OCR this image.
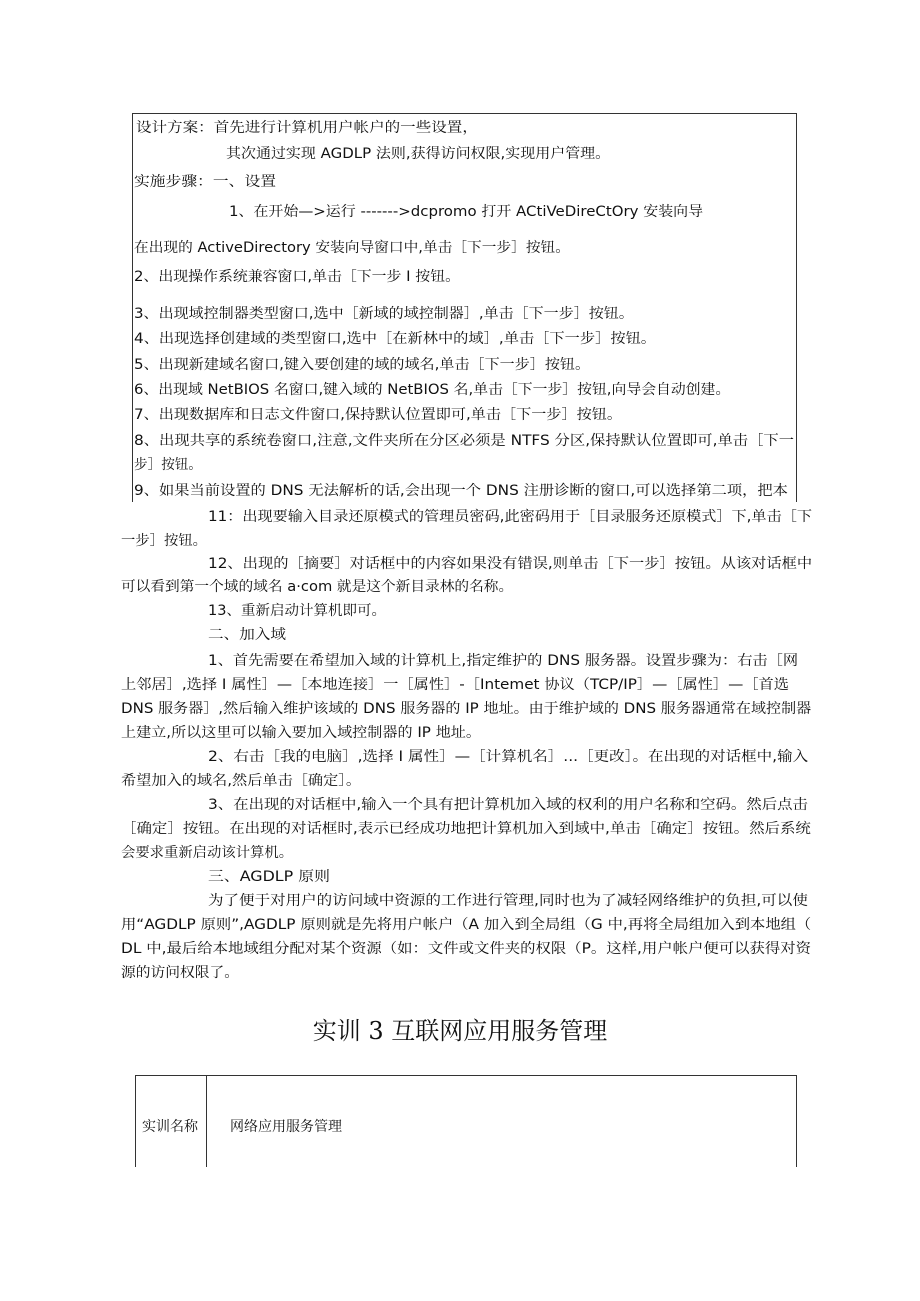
设计方案：首先进行计算机用户帐户的一些设置，
其次通过实现 AGDLP 法则,获得访问权限,实现用户管理。
实施步骤：一、设置
1、在开始—>运行 ------->dcpromo 打开 ACtiVeDireCtOry 安装向导
在出现的 ActiveDirectory 安装向导窗口中,单击［下一步］按钮。
2、出现操作系统兼容窗口,单击［下一步 I 按钮。
3、出现域控制器类型窗口,选中［新域的域控制器］,单击［下一步］按钮。
4、出现选择创建域的类型窗口,选中［在新林中的域］,单击［下一步］按钮。
5、出现新建域名窗口,键入要创建的域的域名,单击［下一步］按钮。
6、出现域 NetBIOS 名窗口,键入域的 NetBIOS 名,单击［下一步］按钮,向导会自动创建。
7、出现数据库和日志文件窗口,保持默认位置即可,单击［下一步］按钮。
8、出现共享的系统卷窗口,注意,文件夹所在分区必须是 NTFS 分区,保持默认位置即可,单击［下一
步］按钮。
9、如果当前设置的 DNS 无法解析的话,会出现一个 DNS 注册诊断的窗口,可以选择第二项，把本
11：出现要输入目录还原模式的管理员密码,此密码用于［目录服务还原模式］下,单击［下
一步］按钮。
12、出现的［摘要］对话框中的内容如果没有错误,则单击［下一步］按钮。从该对话框中
可以看到第一个域的域名 a·com 就是这个新目录林的名称。
13、重新启动计算机即可。
二、加入域
1、首先需要在希望加入域的计算机上,指定维护的 DNS 服务器。设置步骤为：右击［网
上邻居］,选择 I 属性］—［本地连接］一［属性］-［Intemet 协议（TCP/IP］—［属性］—［首选
DNS 服务器］,然后输入维护该域的 DNS 服务器的 IP 地址。由于维护域的 DNS 服务器通常在域控制器
上建立,所以这里可以输入要加入域控制器的 IP 地址。
2、右击［我的电脑］,选择 I 属性］—［计算机名］...［更改］。在出现的对话框中,输入
希望加入的域名,然后单击［确定］。
3、在出现的对话框中,输入一个具有把计算机加入域的权利的用户名称和空码。然后点击
［确定］按钮。在出现的对话框时,表示已经成功地把计算机加入到域中,单击［确定］按钮。然后系统
会要求重新启动该计算机。
三、AGDLP 原则
为了便于对用户的访问域中资源的工作进行管理,同时也为了减轻网络维护的负担,可以使
用“AGDLP 原则”,AGDLP 原则就是先将用户帐户（A 加入到全局组（G 中,再将全局组加入到本地组（
DL 中,最后给本地域组分配对某个资源（如：文件或文件夹的权限（P。这样,用户帐户便可以获得对资
源的访问权限了。
实训 3 互联网应用服务管理
实训名称 网络应用服务管理
